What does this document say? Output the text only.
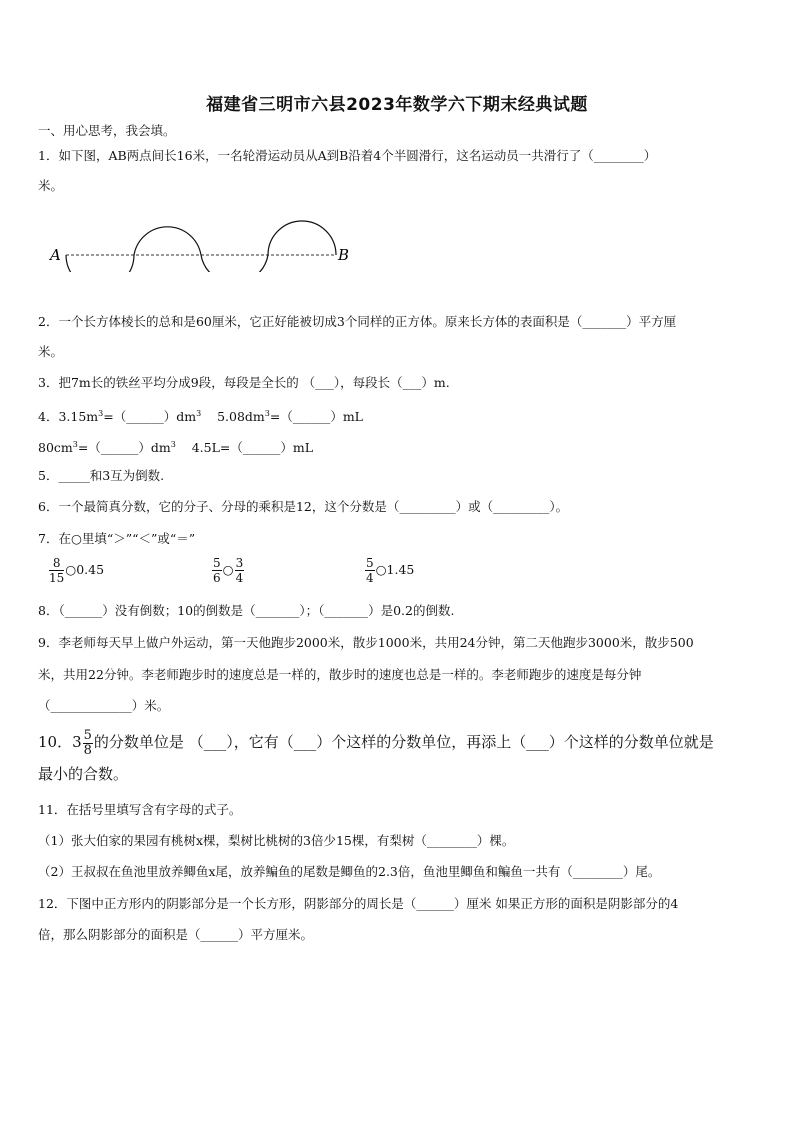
福建省三明市六县2023年数学六下期末经典试题
一、用心思考，我会填。
1．如下图，AB两点间长16米，一名轮滑运动员从A到B沿着4个半圆滑行，这名运动员一共滑行了（________）
米。
A	B
2．一个长方体棱长的总和是60厘米，它正好能被切成3个同样的正方体。原来长方体的表面积是（_______）平方厘
米。
3．把7m长的铁丝平均分成9段，每段是全长的 （___），每段长（___）m.
4．$3.15m^3=(\_\_\_\_\_\_)dm^3$ $5.08dm^3=(\_\_\_\_\_\_)mL$
$80cm^3=(\_\_\_\_\_\_)dm^3$ 4.5L=（______）mL
5．_____和3互为倒数.
6．一个最简真分数，它的分子、分母的乘积是12，这个分数是（_________）或（_________）。
7．在○里填“＞”“＜”或“＝”
$\frac{8}{15}$ ○0.45	$\frac{5}{6}$ ○ $\frac{3}{4}$	$\frac{5}{4}$ ○1.45
8．（______）没有倒数；10的倒数是（_______）；（_______）是0.2的倒数.
9．李老师每天早上做户外运动，第一天他跑步2000米，散步1000米，共用24分钟，第二天他跑步3000米，散步500
米，共用22分钟。李老师跑步时的速度总是一样的，散步时的速度也总是一样的。李老师跑步的速度是每分钟
（_____________）米。
10．$3 \frac{5}{8}$ 的分数单位是 （___），它有（___）个这样的分数单位，再添上（___）个这样的分数单位就是
最小的合数。
11．在括号里填写含有字母的式子。
（1）张大伯家的果园有桃树x棵，梨树比桃树的3倍少15棵，有梨树（________）棵。
（2）王叔叔在鱼池里放养鲫鱼x尾，放养鳊鱼的尾数是鲫鱼的2.3倍，鱼池里鲫鱼和鳊鱼一共有（________）尾。
12．下图中正方形内的阴影部分是一个长方形，阴影部分的周长是（______）厘米 如果正方形的面积是阴影部分的4
倍，那么阴影部分的面积是（______）平方厘米。
